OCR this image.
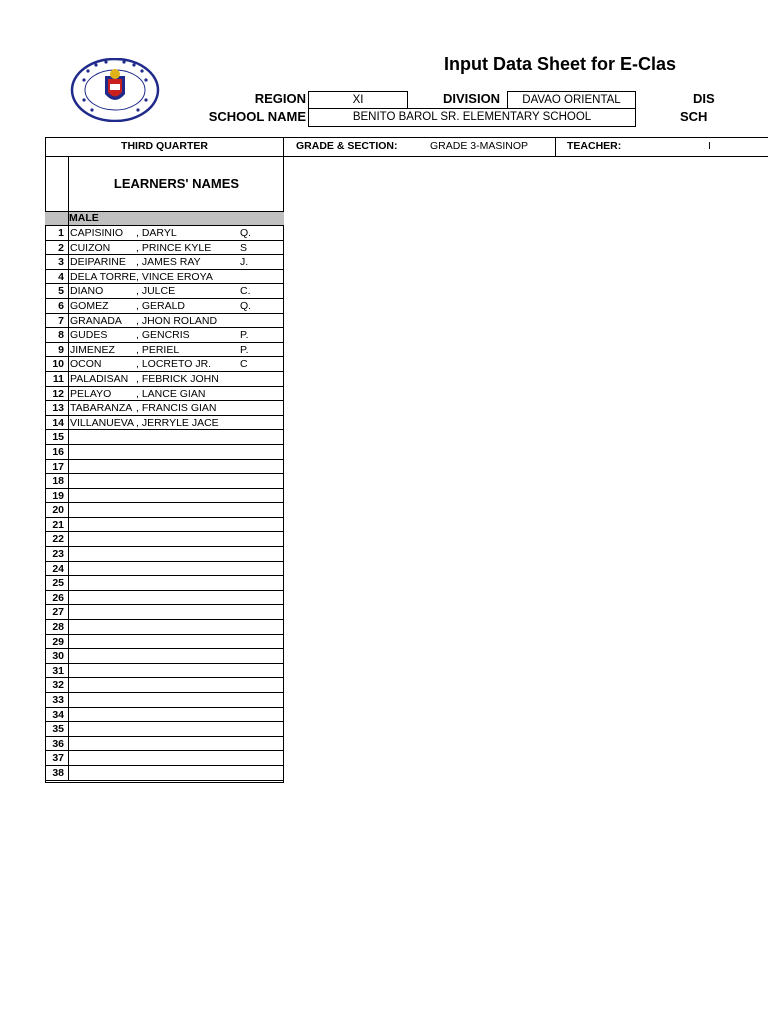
Input Data Sheet for E-Clas
REGION	XI	DIVISION	DAVAO ORIENTAL	DIS
SCHOOL NAME	BENITO BAROL SR. ELEMENTARY SCHOOL	SCH
THIRD QUARTER	GRADE & SECTION:	GRADE 3-MASINOP	TEACHER:	I
LEARNERS' NAMES
MALE
1 CAPISINIO , DARYL	Q.
2 CUIZON , PRINCE KYLE	S
3 DEIPARINE , JAMES RAY	J.
4 DELA TORRE, VINCE EROYA
5 DIANO	, JULCE	C.
6 GOMEZ	, GERALD	Q.
7 GRANADA , JHON ROLAND
8 GUDES	, GENCRIS	P.
9 JIMENEZ , PERIEL	P.
10 OCON	, LOCRETO JR.	C
11 PALADISAN , FEBRICK JOHN
12 PELAYO , LANCE GIAN
13 TABARANZA , FRANCIS GIAN
14 VILLANUEVA , JERRYLE JACE
15
16
17
18
19
20
21
22
23
24
25
26
27
28
29
30
31
32
33
34
35
36
37
38
